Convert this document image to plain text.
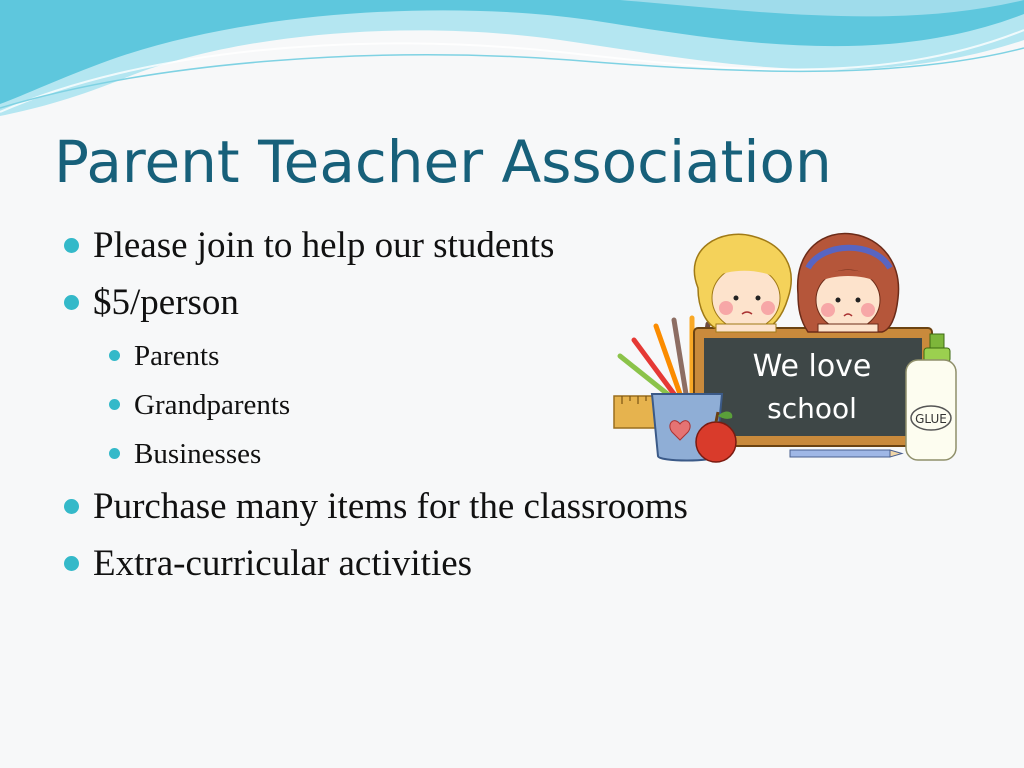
Parent Teacher Association
Please join to help our students
$5/person
Parents
Grandparents
Businesses
Purchase many items for the classrooms
Extra-curricular activities
We love
school	GLUE
